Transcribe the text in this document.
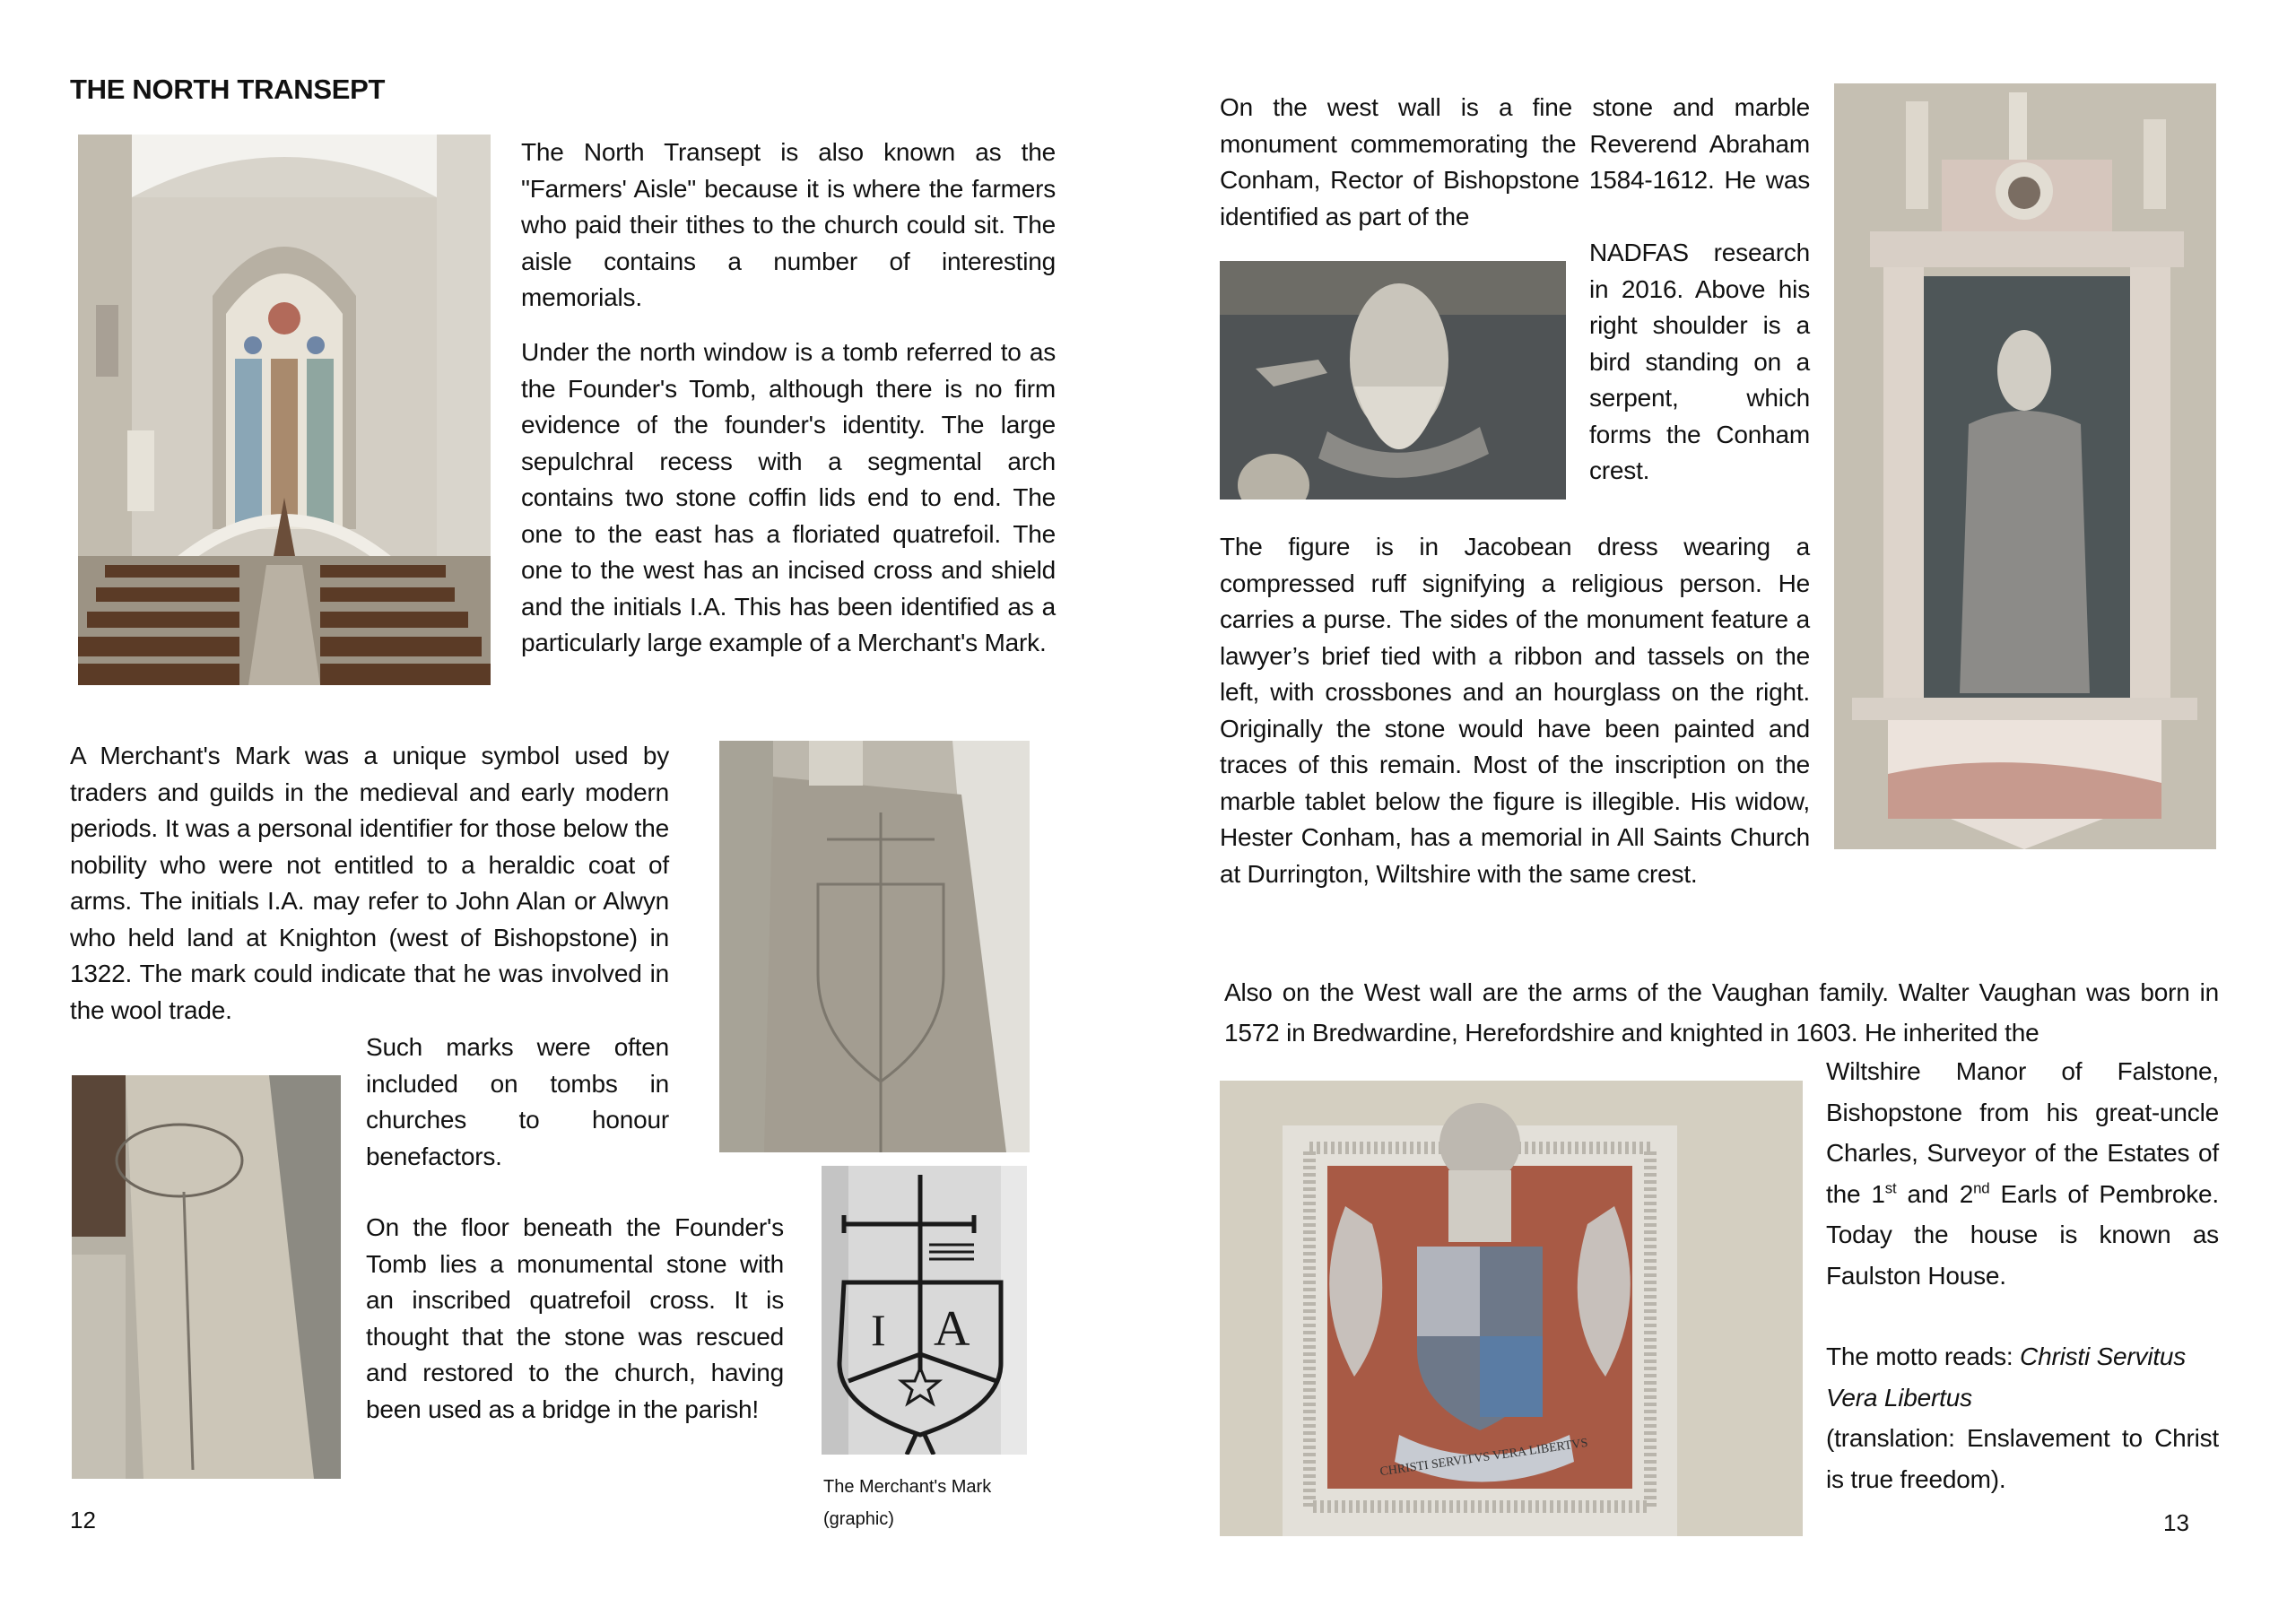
THE NORTH TRANSEPT
The North Transept is also known as the "Farmers' Aisle" because it is where the farmers who paid their tithes to the church could sit. The aisle contains a number of interesting memorials.
Under the north window is a tomb referred to as the Founder's Tomb, although there is no firm evidence of the founder's identity. The large sepulchral recess with a segmental arch contains two stone coffin lids end to end. The one to the east has a floriated quatrefoil. The one to the west has an incised cross and shield and the initials I.A. This has been identified as a particularly large example of a Merchant's Mark.
A Merchant's Mark was a unique symbol used by traders and guilds in the medieval and early modern periods. It was a personal identifier for those below the nobility who were not entitled to a heraldic coat of arms. The initials I.A. may refer to John Alan or Alwyn who held land at Knighton (west of Bishopstone) in 1322. The mark could indicate that he was involved in the wool trade.
Such marks were often included on tombs in churches to honour benefactors.
On the floor beneath the Founder's Tomb lies a monumental stone with an inscribed quatrefoil cross. It is thought that the stone was rescued and restored to the church, having been used as a bridge in the parish!
I A
The Merchant's Mark
(graphic)
12
On the west wall is a fine stone and marble monument commemorating the Reverend Abraham Conham, Rector of Bishopstone 1584-1612. He was identified as part of the
NADFAS research in 2016. Above his right shoulder is a bird standing on a serpent, which forms the Conham crest.
The figure is in Jacobean dress wearing a compressed ruff signifying a religious person. He carries a purse. The sides of the monument feature a lawyer’s brief tied with a ribbon and tassels on the left, with crossbones and an hourglass on the right. Originally the stone would have been painted and traces of this remain. Most of the inscription on the marble tablet below the figure is illegible. His widow, Hester Conham, has a memorial in All Saints Church at Durrington, Wiltshire with the same crest.
Also on the West wall are the arms of the Vaughan family. Walter Vaughan was born in 1572 in Bredwardine, Herefordshire and knighted in 1603. He inherited the
CHRISTI SERVITVS VERA LIBERTVS
Wiltshire Manor of Falstone, Bishopstone from his great-uncle Charles, Surveyor of the Estates of the 1st and 2nd Earls of Pembroke. Today the house is known as Faulston House.
The motto reads: Christi Servitus Vera Libertus
(translation: Enslavement to Christ is true freedom).
13
